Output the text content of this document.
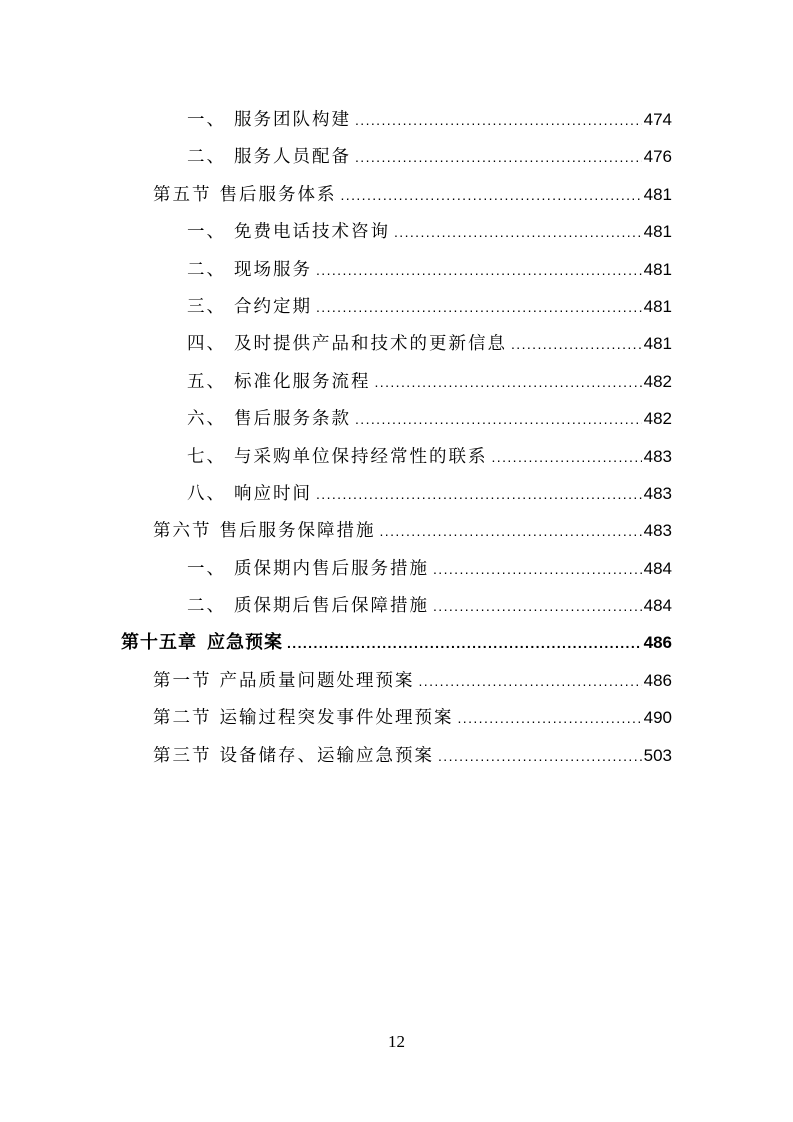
一、 服务团队构建 .....	474
二、 服务人员配备 .....	476
第五节 售后服务体系 .....	481
一、 免费电话技术咨询 .....	481
二、 现场服务 .....	481
三、 合约定期 .....	481
四、 及时提供产品和技术的更新信息 .....	481
五、 标准化服务流程 .....	482
六、 售后服务条款 .....	482
七、 与采购单位保持经常性的联系 .....	483
八、 响应时间 .....	483
第六节 售后服务保障措施 .....	483
一、 质保期内售后服务措施 .....	484
二、 质保期后售后保障措施 .....	484
第十五章 应急预案 .....	486
第一节 产品质量问题处理预案 .....	486
第二节 运输过程突发事件处理预案 .....	490
第三节 设备储存、运输应急预案 .....	503
12
